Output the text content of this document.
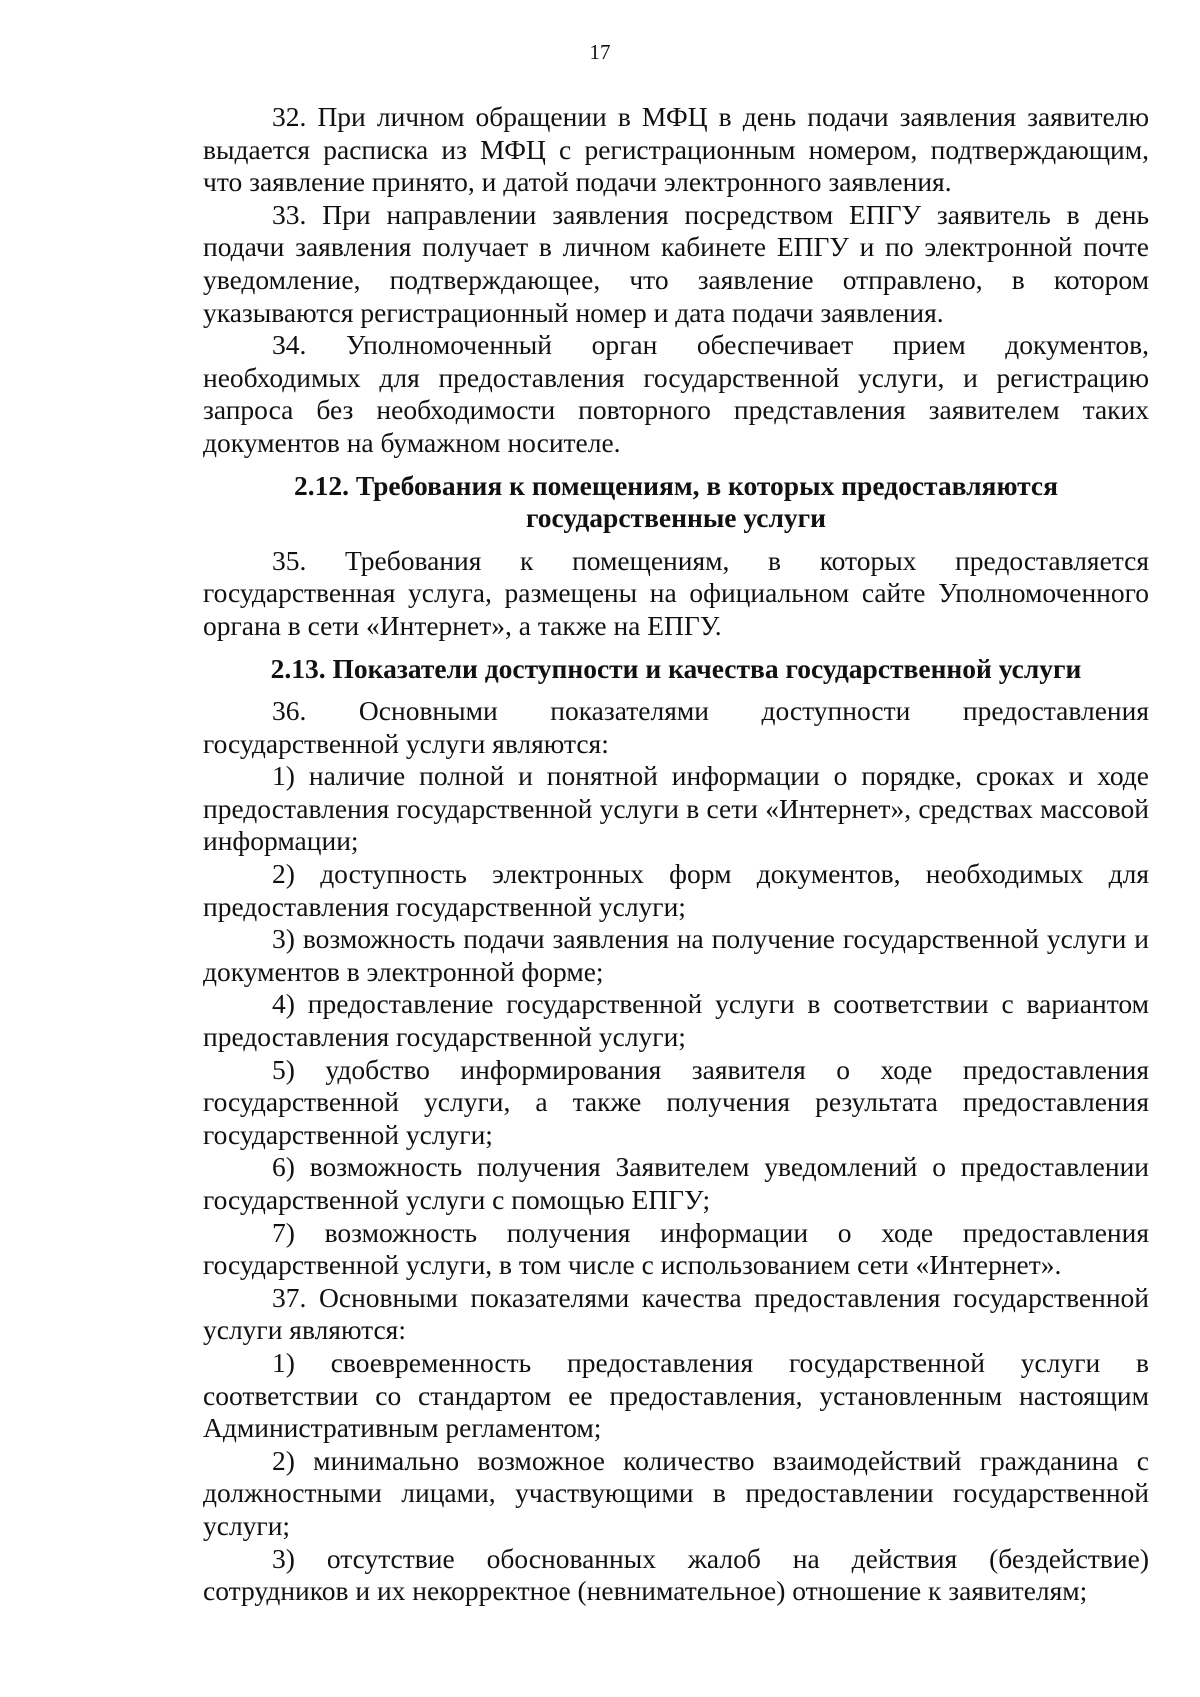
17

32. При личном обращении в МФЦ в день подачи заявления заявителю выдается расписка из МФЦ с регистрационным номером, подтверждающим, что заявление принято, и датой подачи электронного заявления.

33. При направлении заявления посредством ЕПГУ заявитель в день подачи заявления получает в личном кабинете ЕПГУ и по электронной почте уведомление, подтверждающее, что заявление отправлено, в котором указываются регистрационный номер и дата подачи заявления.

34. Уполномоченный орган обеспечивает прием документов, необходимых для предоставления государственной услуги, и регистрацию запроса без необходимости повторного представления заявителем таких документов на бумажном носителе.

2.12. Требования к помещениям, в которых предоставляются государственные услуги

35. Требования к помещениям, в которых предоставляется государственная услуга, размещены на официальном сайте Уполномоченного органа в сети «Интернет», а также на ЕПГУ.

2.13. Показатели доступности и качества государственной услуги

36. Основными показателями доступности предоставления государственной услуги являются:

1) наличие полной и понятной информации о порядке, сроках и ходе предоставления государственной услуги в сети «Интернет», средствах массовой информации;

2) доступность электронных форм документов, необходимых для предоставления государственной услуги;

3) возможность подачи заявления на получение государственной услуги и документов в электронной форме;

4) предоставление государственной услуги в соответствии с вариантом предоставления государственной услуги;

5) удобство информирования заявителя о ходе предоставления государственной услуги, а также получения результата предоставления государственной услуги;

6) возможность получения Заявителем уведомлений о предоставлении государственной услуги с помощью ЕПГУ;

7) возможность получения информации о ходе предоставления государственной услуги, в том числе с использованием сети «Интернет».

37. Основными показателями качества предоставления государственной услуги являются:

1) своевременность предоставления государственной услуги в соответствии со стандартом ее предоставления, установленным настоящим Административным регламентом;

2) минимально возможное количество взаимодействий гражданина с должностными лицами, участвующими в предоставлении государственной услуги;

3) отсутствие обоснованных жалоб на действия (бездействие) сотрудников и их некорректное (невнимательное) отношение к заявителям;
